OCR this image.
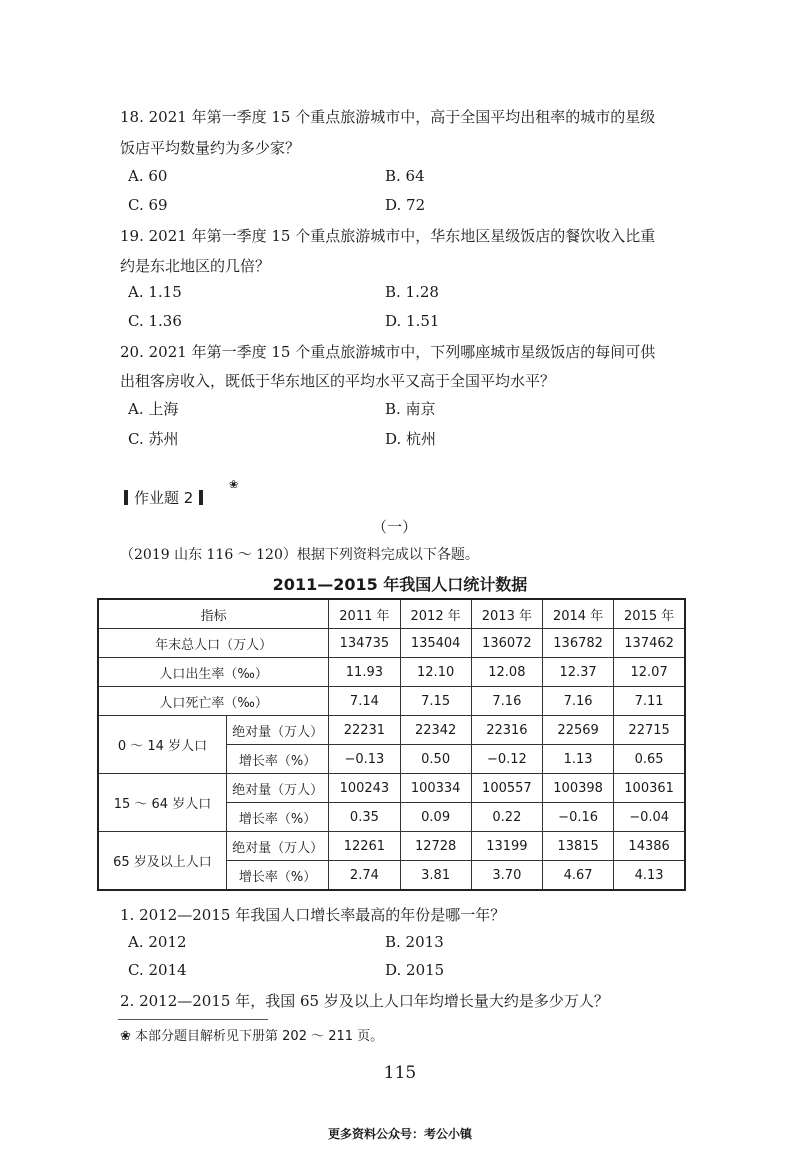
18. 2021 年第一季度 15 个重点旅游城市中，高于全国平均出租率的城市的星级
饭店平均数量约为多少家？
A. 60	B. 64
C. 69	D. 72
19. 2021 年第一季度 15 个重点旅游城市中，华东地区星级饭店的餐饮收入比重
约是东北地区的几倍？
A. 1.15	B. 1.28
C. 1.36	D. 1.51
20. 2021 年第一季度 15 个重点旅游城市中，下列哪座城市星级饭店的每间可供
出租客房收入，既低于华东地区的平均水平又高于全国平均水平？
A. 上海	B. 南京
C. 苏州	D. 杭州
作业题 2
❀
（一）
（2019 山东 116 ～ 120）根据下列资料完成以下各题。
2011—2015 年我国人口统计数据
指标		2011 年	2012 年	2013 年	2014 年	2015 年
年末总人口（万人）		134735	135404	136072	136782	137462
人口出生率（‰）		11.93	12.10	12.08	12.37	12.07
人口死亡率（‰）		7.14	7.15	7.16	7.16	7.11
0 ～ 14 岁人口	绝对量（万人）	22231	22342	22316	22569	22715
	增长率（%）	−0.13	0.50	−0.12	1.13	0.65
15 ～ 64 岁人口	绝对量（万人）	100243	100334	100557	100398	100361
	增长率（%）	0.35	0.09	0.22	−0.16	−0.04
65 岁及以上人口	绝对量（万人）	12261	12728	13199	13815	14386
	增长率（%）	2.74	3.81	3.70	4.67	4.13
1. 2012—2015 年我国人口增长率最高的年份是哪一年？
A. 2012	B. 2013
C. 2014	D. 2015
2. 2012—2015 年，我国 65 岁及以上人口年均增长量大约是多少万人？
❀ 本部分题目解析见下册第 202 ～ 211 页。
115
更多资料公众号：考公小镇
